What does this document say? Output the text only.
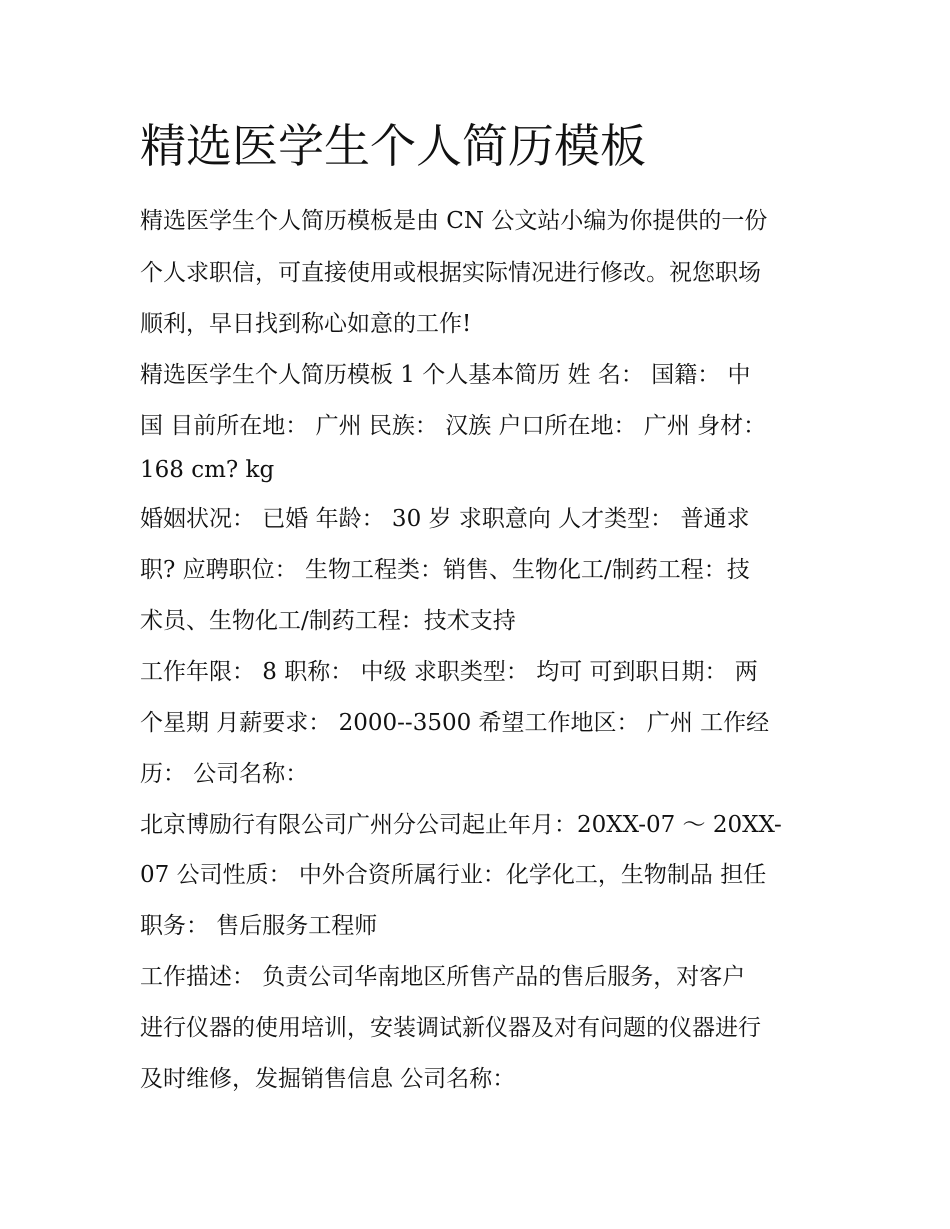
精选医学生个人简历模板

精选医学生个人简历模板是由 CN 公文站小编为你提供的一份

个人求职信，可直接使用或根据实际情况进行修改。祝您职场

顺利，早日找到称心如意的工作!

精选医学生个人简历模板 1 个人基本简历 姓 名： 国籍： 中

国 目前所在地： 广州 民族： 汉族 户口所在地： 广州 身材：

168 cm? kg

婚姻状况： 已婚 年龄： 30 岁 求职意向 人才类型： 普通求

职? 应聘职位： 生物工程类：销售、生物化工/制药工程：技

术员、生物化工/制药工程：技术支持

工作年限： 8 职称： 中级 求职类型： 均可 可到职日期： 两

个星期 月薪要求： 2000--3500 希望工作地区： 广州 工作经

历： 公司名称：

北京博励行有限公司广州分公司起止年月：20XX-07 ～ 20XX-

07 公司性质： 中外合资所属行业：化学化工，生物制品 担任

职务： 售后服务工程师

工作描述： 负责公司华南地区所售产品的售后服务，对客户

进行仪器的使用培训，安装调试新仪器及对有问题的仪器进行

及时维修，发掘销售信息 公司名称：
